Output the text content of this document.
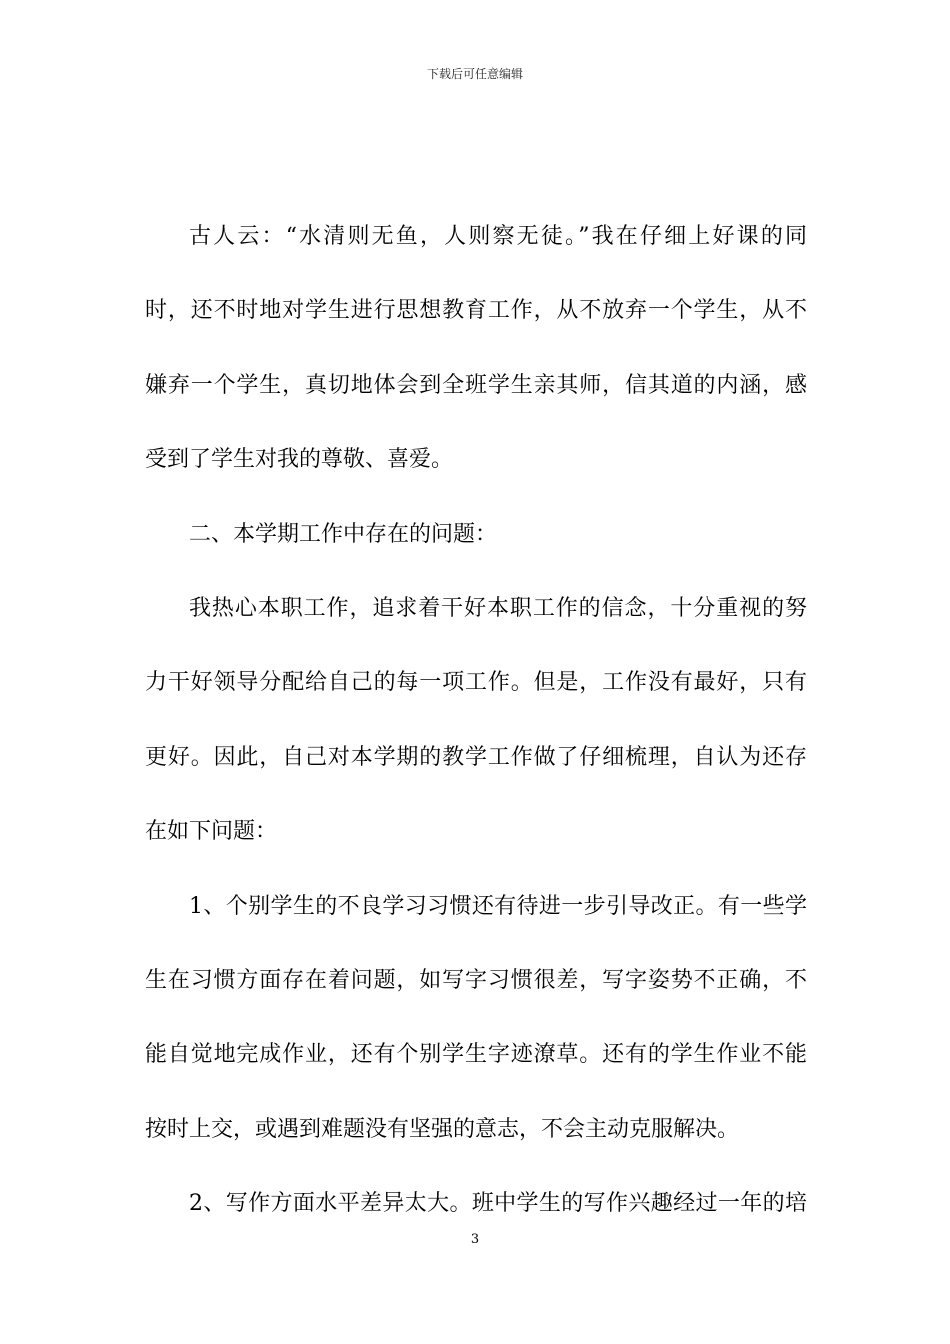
下载后可任意编辑
古人云：“水清则无鱼，人则察无徒。”我在仔细上好课的同
时，还不时地对学生进行思想教育工作，从不放弃一个学生，从不
嫌弃一个学生，真切地体会到全班学生亲其师，信其道的内涵，感
受到了学生对我的尊敬、喜爱。
二、本学期工作中存在的问题：
我热心本职工作，追求着干好本职工作的信念，十分重视的努
力干好领导分配给自己的每一项工作。但是，工作没有最好，只有
更好。因此，自己对本学期的教学工作做了仔细梳理，自认为还存
在如下问题：
1、个别学生的不良学习习惯还有待进一步引导改正。有一些学
生在习惯方面存在着问题，如写字习惯很差，写字姿势不正确，不
能自觉地完成作业，还有个别学生字迹潦草。还有的学生作业不能
按时上交，或遇到难题没有坚强的意志，不会主动克服解决。
2、写作方面水平差异太大。班中学生的写作兴趣经过一年的培
3
